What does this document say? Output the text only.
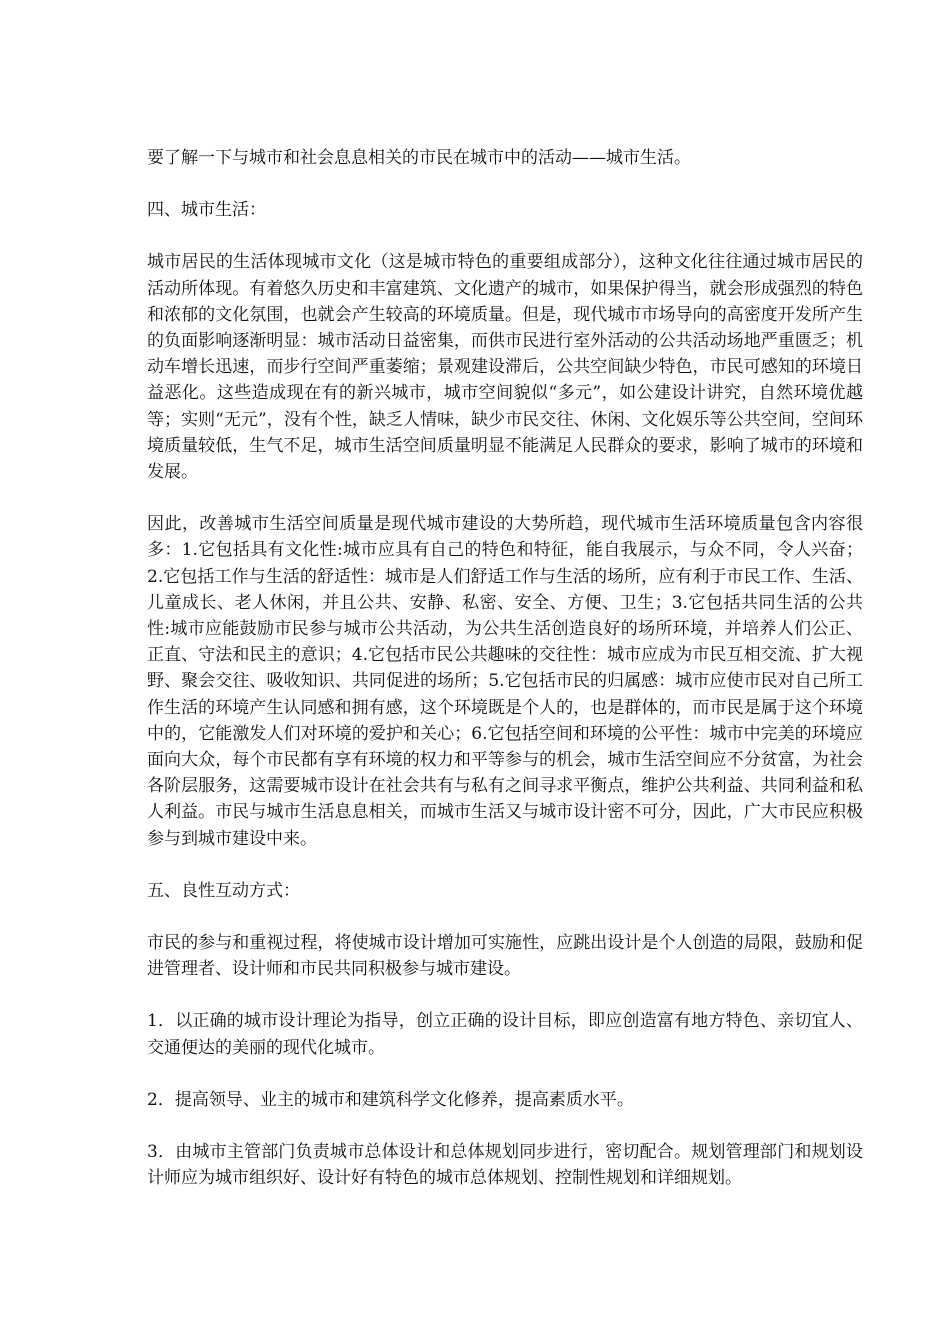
要了解一下与城市和社会息息相关的市民在城市中的活动——城市生活。

四、城市生活：

城市居民的生活体现城市文化（这是城市特色的重要组成部分），这种文化往往通过城市居民的活动所体现。有着悠久历史和丰富建筑、文化遗产的城市，如果保护得当，就会形成强烈的特色和浓郁的文化氛围，也就会产生较高的环境质量。但是，现代城市市场导向的高密度开发所产生的负面影响逐渐明显：城市活动日益密集，而供市民进行室外活动的公共活动场地严重匮乏；机动车增长迅速，而步行空间严重萎缩；景观建设滞后，公共空间缺少特色，市民可感知的环境日益恶化。这些造成现在有的新兴城市，城市空间貌似“多元”，如公建设计讲究，自然环境优越等；实则“无元”，没有个性，缺乏人情味，缺少市民交往、休闲、文化娱乐等公共空间，空间环境质量较低，生气不足，城市生活空间质量明显不能满足人民群众的要求，影响了城市的环境和发展。

因此，改善城市生活空间质量是现代城市建设的大势所趋，现代城市生活环境质量包含内容很多：1.它包括具有文化性:城市应具有自己的特色和特征，能自我展示，与众不同，令人兴奋；2.它包括工作与生活的舒适性：城市是人们舒适工作与生活的场所，应有利于市民工作、生活、儿童成长、老人休闲，并且公共、安静、私密、安全、方便、卫生；3.它包括共同生活的公共性:城市应能鼓励市民参与城市公共活动，为公共生活创造良好的场所环境，并培养人们公正、正直、守法和民主的意识；4.它包括市民公共趣味的交往性：城市应成为市民互相交流、扩大视野、聚会交往、吸收知识、共同促进的场所；5.它包括市民的归属感：城市应使市民对自己所工作生活的环境产生认同感和拥有感，这个环境既是个人的，也是群体的，而市民是属于这个环境中的，它能激发人们对环境的爱护和关心；6.它包括空间和环境的公平性：城市中完美的环境应面向大众，每个市民都有享有环境的权力和平等参与的机会，城市生活空间应不分贫富，为社会各阶层服务，这需要城市设计在社会共有与私有之间寻求平衡点，维护公共利益、共同利益和私人利益。市民与城市生活息息相关，而城市生活又与城市设计密不可分，因此，广大市民应积极参与到城市建设中来。

五、良性互动方式：

市民的参与和重视过程，将使城市设计增加可实施性，应跳出设计是个人创造的局限，鼓励和促进管理者、设计师和市民共同积极参与城市建设。

1．以正确的城市设计理论为指导，创立正确的设计目标，即应创造富有地方特色、亲切宜人、交通便达的美丽的现代化城市。

2．提高领导、业主的城市和建筑科学文化修养，提高素质水平。

3．由城市主管部门负责城市总体设计和总体规划同步进行，密切配合。规划管理部门和规划设计师应为城市组织好、设计好有特色的城市总体规划、控制性规划和详细规划。
